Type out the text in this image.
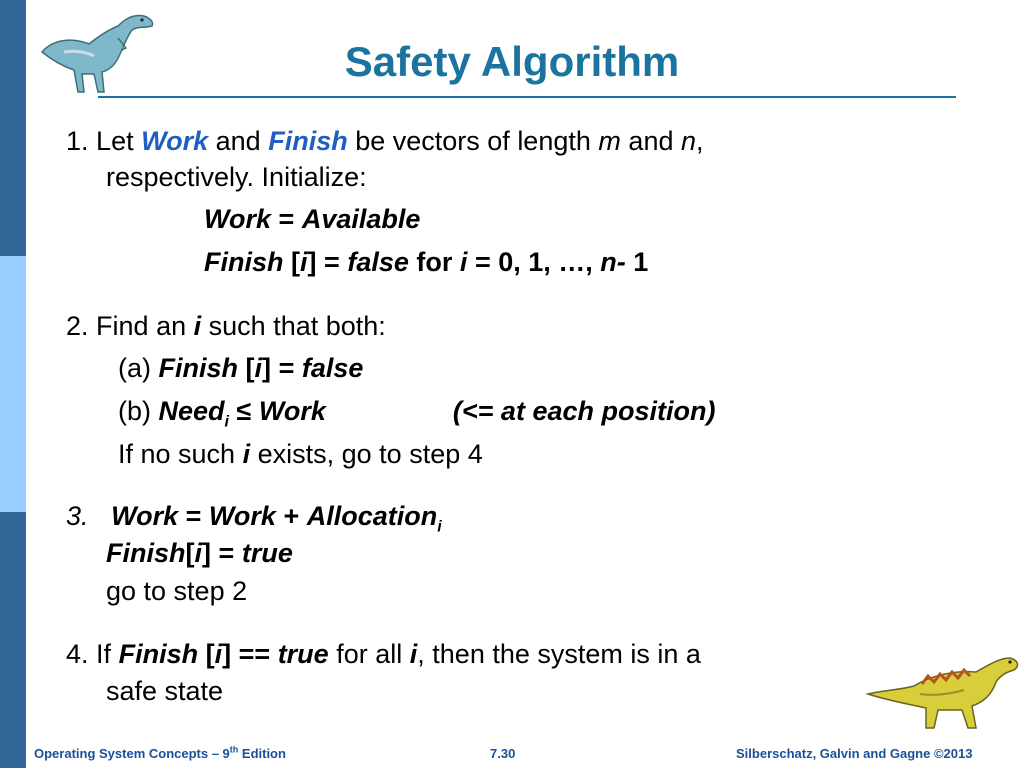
Safety Algorithm
1. Let Work and Finish be vectors of length m and n,
respectively. Initialize:
Work = Available
Finish [i] = false for i = 0, 1, …, n- 1
2. Find an i such that both:
(a) Finish [i] = false
(b) Need$_i$ ≤ Work	(<= at each position)
If no such i exists, go to step 4
3. Work = Work + Allocation$_i$
Finish[i] = true
go to step 2
4. If Finish [i] == true for all i, then the system is in a
safe state
Operating System Concepts – 9th Edition	7.30	Silberschatz, Galvin and Gagne ©2013
